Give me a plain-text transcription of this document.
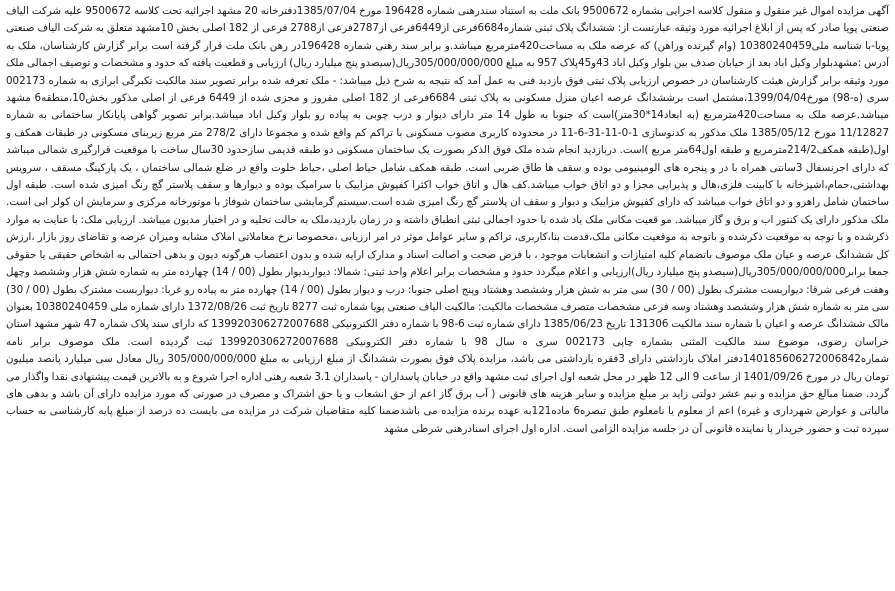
آگهی مزایده اموال غیر منقول و منقول کلاسه اجرایی بشماره 9500672 بانک ملت به استناد سندرهنی شماره 196428 مورخ 1385/07/04دفترخانه 20 مشهد اجرائیه تحت کلاسه 9500672 علیه شرکت الیاف صنعتی پویا صادر که پس از ابلاغ اجرائیه مورد وثیقه عبارتست از: ششدانگ پلاک ثبتی شماره6684فرعی از6449فرعی از2787فرعی از2788 فرعی از 182 اصلی بخش 10مشهد متعلق به شرکت الیاف صنعتی پویا-با شناسه ملی10380240459 (وام گیرنده وراهن) که عرصه ملک به مساحت420مترمربع میباشد.و برابر سند رهنی شماره 196428در رهن بانک ملت قرار گرفته است برابر گزارش کارشناسان، ملک به آدرس :مشهدبلوار وکیل اباد بعد از خیابان صدف بین بلوار وکیل اباد 43و45پلاک 957 به مبلغ 305/000/000/000ریال(سیصدو پنج میلیارد ریال) ارزیابی و قطعیت یافته که حدود و مشخصات و توصیف اجمالی ملک مورد وثیقه برابر گزارش هیئت کارشناسان در خصوص ارزیابی پلاک ثبتی فوق بازدید فنی به عمل آمد که نتیجه به شرح ذیل میباشد: - ملک تعرفه شده برابر تصویر سند مالکیت تکبرگی ابرازی به شماره 002173 سری (ه-98) مورخ1399/04/04،مشتمل است برششدانگ عرصه اعیان منزل مسکونی به پلاک ثبتی 6684فرعی از 182 اصلی مفروز و مجزی شده از 6449 فرعی از اصلی مذکور بخش10،منطقه6 مشهد میباشد.عرصه ملک به مساحت420مترمربع (به ابعاد14*30متر)است که جنوبا به طول 14 متر دارای دیوار و درب چوبی به پیاده رو بلوار وکیل اباد میباشد.برابر تصویر گواهی پایانکار ساختمانی به شماره 11/12827 مورخ 1385/05/12 ملک مذکور به کدنوسازی 1-0-11-31-6-11 در محدوده کاربری مصوب مسکونی با تراکم کم واقع شده و مجموعا دارای 278/2 متر مربع زیربنای مسکونی در طبقات همکف و اول(طبقه همکف214/2مترمربع و طبقه اول64متر مربع )است. دربازدید انجام شده ملک فوق الذکر بصورت یک ساختمان مسکونی دو طبقه قدیمی سازحدود 30سال ساخت با موقعیت قرارگیری شمالی میباشد که دارای اجرنسفال 3سانتی همراه با در و پنجره های الومینیومی بوده و سقف ها طاق ضربی است. طبقه همکف شامل حیاط اصلی ،حیاط خلوت واقع در ضلع شمالی ساختمان ، یک پارکینگ مسقف ، سرویس بهداشتی،حمام،اشپزخانه با کابینت فلزی،هال و پذیرایی مجزا و دو اتاق خواب میباشد.کف هال و اتاق خواب اکثرا کفپوش مزاییک با سرامیک بوده و دیوارها و سقف پلاستر گچ رنگ امیزی شده است. طبقه اول ساختمان شامل راهرو و دو اتاق خواب میباشد که دارای کفپوش مزاییک و دیوار و سقف ان پلاستر گچ رنگ امیزی شده است.سیستم گرمایشی ساختمان شوفاژ با موتورخانه مرکزی و سرمایش ان کولر ابی است. ملک مذکور دارای یک کنتور اب و برق و گاز میباشد. مو قعیت مکانی ملک یاد شده با حدود اجمالی ثبتی انطباق داشته و در زمان بازدید،ملک به حالت تخلیه و در اختیار مدیون میباشد. ارزیابی ملک: با عنایت به موارد ذکرشده و با توجه به موقعیت ذکرشده و باتوجه به موقعیت مکانی ملک،قدمت بنا،کاربری، تراکم و سایر عوامل موثر در امر ارزیابی ،مخصوصا نرخ معاملاتی املاک مشابه ومیزان عرضه و تقاضای روز بازار ،ارزش کل ششدانگ عرصه و عیان ملک موصوف باتضمام کلیه امتیازات و انشعابات موجود ، با فرض صحت و اصالت اسناد و مدارک ارایه شده و بدون اعتصاب هرگونه دیون و بدهی احتمالی به اشخاص حقیقی یا حقوقی جمعا برابر305/000/000/000ریال(سیصدو پنج میلیارد ریال)ارزیابی و اعلام میگردد حدود و مشخصات برابر اعلام واحد ثبتی: شمالا: دیواربدیوار بطول (00 / 14) چهارده متر به شماره شش هزار وششصد وچهل وهفت فرعی شرقا: دیواربست مشترک بطول (00 / 30) سی متر به شش هزار وششصد وهشتاد وپنج اصلی جنوبا: درب و دیوار بطول (00 / 14) چهارده متر به پیاده رو غربا: دیواربست مشترک بطول (00 / 30) سی متر به شماره شش هزار وششصد وهشتاد وسه فرعی مشخصات متصرف مشخصات مالکیت: مالکیت الیاف صنعتی پویا شماره ثبت 8277 تاریخ ثبت 1372/08/26 دارای شماره ملی 10380240459 بعنوان مالک ششدانگ عرصه و اعیان با شماره سند مالکیت 131306 تاریخ 1385/06/23 دارای شماره ثبت 6-98 با شماره دفتر الکترونیکی 139920306272007688 که دارای سند پلاک شماره 47 شهر مشهد استان خراسان رضوی، موضوع سند مالکیت المثنی بشماره چاپی 002173 سری ه سال 98 با شماره دفتر الکترونیکی 139920306272007688 ثبت گردیده است. ملک موصوف برابر نامه شماره140185606272006842دفتر املاک بازداشتی دارای 3فقره بازداشتی می باشد، مزایده پلاک فوق بصورت ششدانگ از مبلغ ارزیابی به مبلغ 305/000/000/000 ریال معادل سی میلیارد پانصد میلیون تومان ریال در مورخ 1401/09/26 از ساعت 9 الی 12 ظهر در محل شعبه اول اجرای ثبت مشهد واقع در خیابان پاسداران - پاسداران 3.1 شعبه رهنی اداره اجرا شروع و به بالاترین قیمت پیشنهادی نقدا واگذار می گردد. ضمنا مبالغ حق مزایده و نیم عشر دولتی زاید بر مبلغ مزایده و سایر هزینه های قانونی ( آب برق گاز اعم از حق انشعاب و یا حق اشتراک و مصرف در صورتی که مورد مزایده دارای آن باشد و بدهی های مالیاتی و عوارض شهرداری و غیره) اعم از معلوم یا نامعلوم طبق تبصره6 ماده121به عهده برنده مزایده می باشدضمنا کلیه متقاضیان شرکت در مزایده می بایست ده درصد از مبلغ پایه کارشناسی به حساب سپرده ثبت و حضور خریدار یا نماینده قانونی آن در جلسه مزایده الزامی است. اداره اول اجرای اسنادرهنی شرطی مشهد
